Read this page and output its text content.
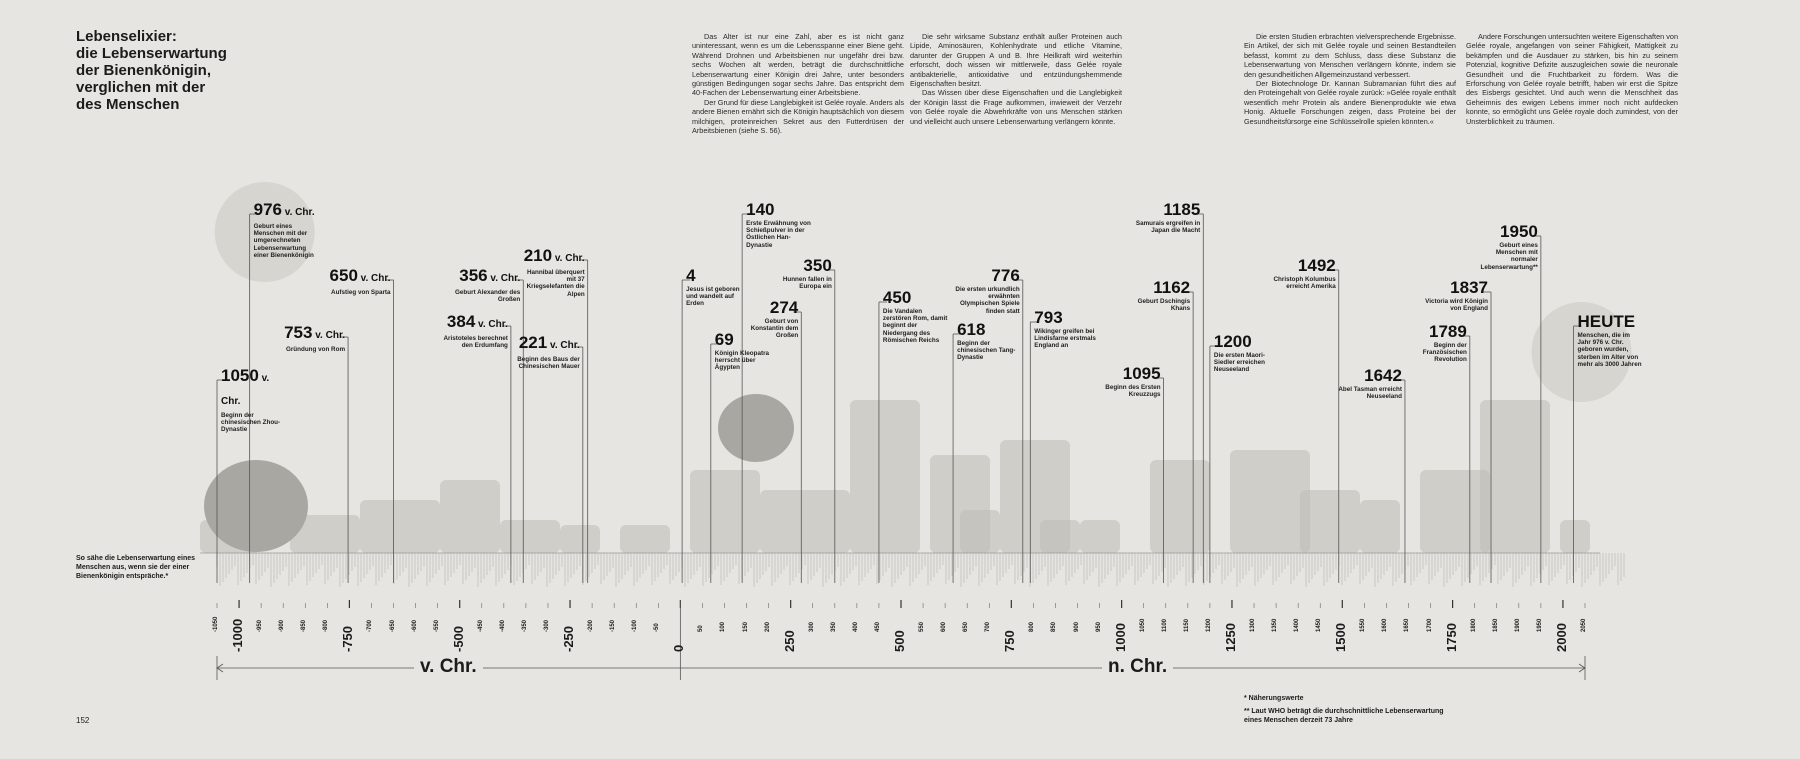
Lebenselixier:
die Lebenserwartung
der Bienenkönigin,
verglichen mit der
des Menschen

Das Alter ist nur eine Zahl, aber es ist nicht ganz uninteressant, wenn es um die Lebensspanne einer Biene geht. Während Drohnen und Arbeitsbienen nur ungefähr drei bzw. sechs Wochen alt werden, beträgt die durchschnittliche Lebenserwartung einer Königin drei Jahre, unter besonders günstigen Bedingungen sogar sechs Jahre. Das entspricht dem 40-Fachen der Lebenserwartung einer Arbeitsbiene.

Der Grund für diese Langlebigkeit ist Gelée royale. Anders als andere Bienen ernährt sich die Königin hauptsächlich von diesem milchigen, proteinreichen Sekret aus den Futterdrüsen der Arbeitsbienen (siehe S. 56).

Die sehr wirksame Substanz enthält außer Proteinen auch Lipide, Aminosäuren, Kohlenhydrate und etliche Vitamine, darunter der Gruppen A und B. Ihre Heilkraft wird weiterhin erforscht, doch wissen wir mittlerweile, dass Gelée royale antibakterielle, antioxidative und entzündungshemmende Eigenschaften besitzt.

Das Wissen über diese Eigenschaften und die Langlebigkeit der Königin lässt die Frage aufkommen, inwieweit der Verzehr von Gelée royale die Abwehrkräfte von uns Menschen stärken und vielleicht auch unsere Lebenserwartung verlängern könnte.

Die ersten Studien erbrachten vielversprechende Ergebnisse. Ein Artikel, der sich mit Gelée royale und seinen Bestandteilen befasst, kommt zu dem Schluss, dass diese Substanz die Lebenserwartung von Menschen verlängern könnte, indem sie den gesundheitlichen Allgemeinzustand verbessert.

Der Biotechnologe Dr. Kannan Subramanian führt dies auf den Proteingehalt von Gelée royale zurück: »Gelée royale enthält wesentlich mehr Protein als andere Bienenprodukte wie etwa Honig. Aktuelle Forschungen zeigen, dass Proteine bei der Gesundheitsfürsorge eine Schlüsselrolle spielen könnten.«

Andere Forschungen untersuchten weitere Eigenschaften von Gelée royale, angefangen von seiner Fähigkeit, Mattigkeit zu bekämpfen und die Ausdauer zu stärken, bis hin zu seinem Potenzial, kognitive Defizite auszugleichen sowie die neuronale Gesundheit und die Fruchtbarkeit zu fördern. Was die Erforschung von Gelée royale betrifft, haben wir erst die Spitze des Eisbergs gesichtet. Und auch wenn die Menschheit das Geheimnis des ewigen Lebens immer noch nicht aufdecken konnte, so ermöglicht uns Gelée royale doch zumindest, von der Unsterblichkeit zu träumen.

1050 v. Chr.
Beginn der chinesischen Zhou-Dynastie
976 v. Chr.
Geburt eines Menschen mit der umgerechneten Lebenserwartung einer Bienenkönigin
753 v. Chr.
Gründung von Rom
650 v. Chr.
Aufstieg von Sparta
384 v. Chr.
Aristoteles berechnet den Erdumfang
356 v. Chr.
Geburt Alexander des Großen
221 v. Chr.
Beginn des Baus der Chinesischen Mauer
210 v. Chr.
Hannibal überquert mit 37 Kriegselefanten die Alpen
4
Jesus ist geboren und wandelt auf Erden
69
Königin Kleopatra herrscht über Ägypten
140
Erste Erwähnung von Schießpulver in der Östlichen Han-Dynastie
274
Geburt von Konstantin dem Großen
350
Hunnen fallen in Europa ein
450
Die Vandalen zerstören Rom, damit beginnt der Niedergang des Römischen Reichs
618
Beginn der chinesischen Tang-Dynastie
776
Die ersten urkundlich erwähnten Olympischen Spiele finden statt 793
Wikinger greifen bei Lindisfarne erstmals England an
1095
Beginn des Ersten Kreuzzugs
1162
Geburt Dschingis Khans
1185
Samurais ergreifen in Japan die Macht
1200
Die ersten Maori-Siedler erreichen Neuseeland
1492
Christoph Kolumbus erreicht Amerika
1642
Abel Tasman erreicht Neuseeland
1789
Beginn der Französischen Revolution
1837
Victoria wird Königin von England
1950
Geburt eines Menschen mit normaler Lebenserwartung**
HEUTE
Menschen, die im Jahr 976 v. Chr. geboren wurden, sterben im Alter von mehr als 3000 Jahren
-1000	-750	-500	-250	0	250	500	750	1000	1250	1500	1750	2000
-1050	-950	-900	-850	-800	-700	-650	-600	-550	-450	-400	-350	-300	-200	-150	-100	-50	50	100	150	200	300	350	400	450	550	600	650	700	800	850	900	950	1050	1100	1150	1200	1300	1350	1400	1450	1550	1600	1650	1700	1800	1850	1900	1950	2050
v. Chr.	n. Chr.
So sähe die Lebenserwartung eines Menschen aus, wenn sie der einer Bienenkönigin entspräche.*
* Näherungswerte
** Laut WHO beträgt die durchschnittliche Lebenserwartung eines Menschen derzeit 73 Jahre
152
